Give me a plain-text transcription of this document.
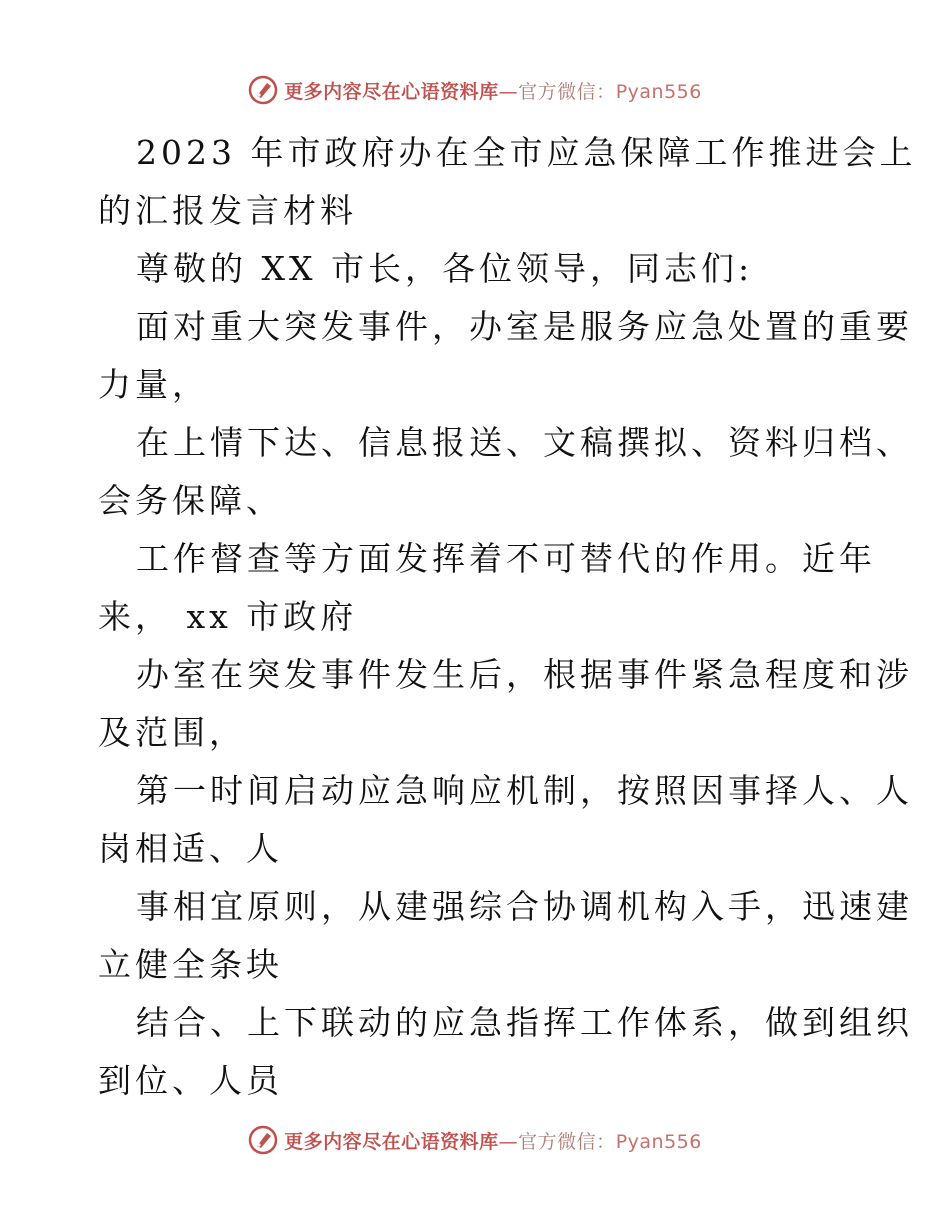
更多内容尽在心语资料库—官方微信：Pyan556
2023 年市政府办在全市应急保障工作推进会上
的汇报发言材料
尊敬的 XX 市长，各位领导，同志们:
面对重大突发事件，办室是服务应急处置的重要
力量，
在上情下达、信息报送、文稿撰拟、资料归档、
会务保障、
工作督查等方面发挥着不可替代的作用。近年
来， xx 市政府
办室在突发事件发生后，根据事件紧急程度和涉
及范围，
第一时间启动应急响应机制，按照因事择人、人
岗相适、人
事相宜原则，从建强综合协调机构入手，迅速建
立健全条块
结合、上下联动的应急指挥工作体系，做到组织
到位、人员
更多内容尽在心语资料库—官方微信：Pyan556
